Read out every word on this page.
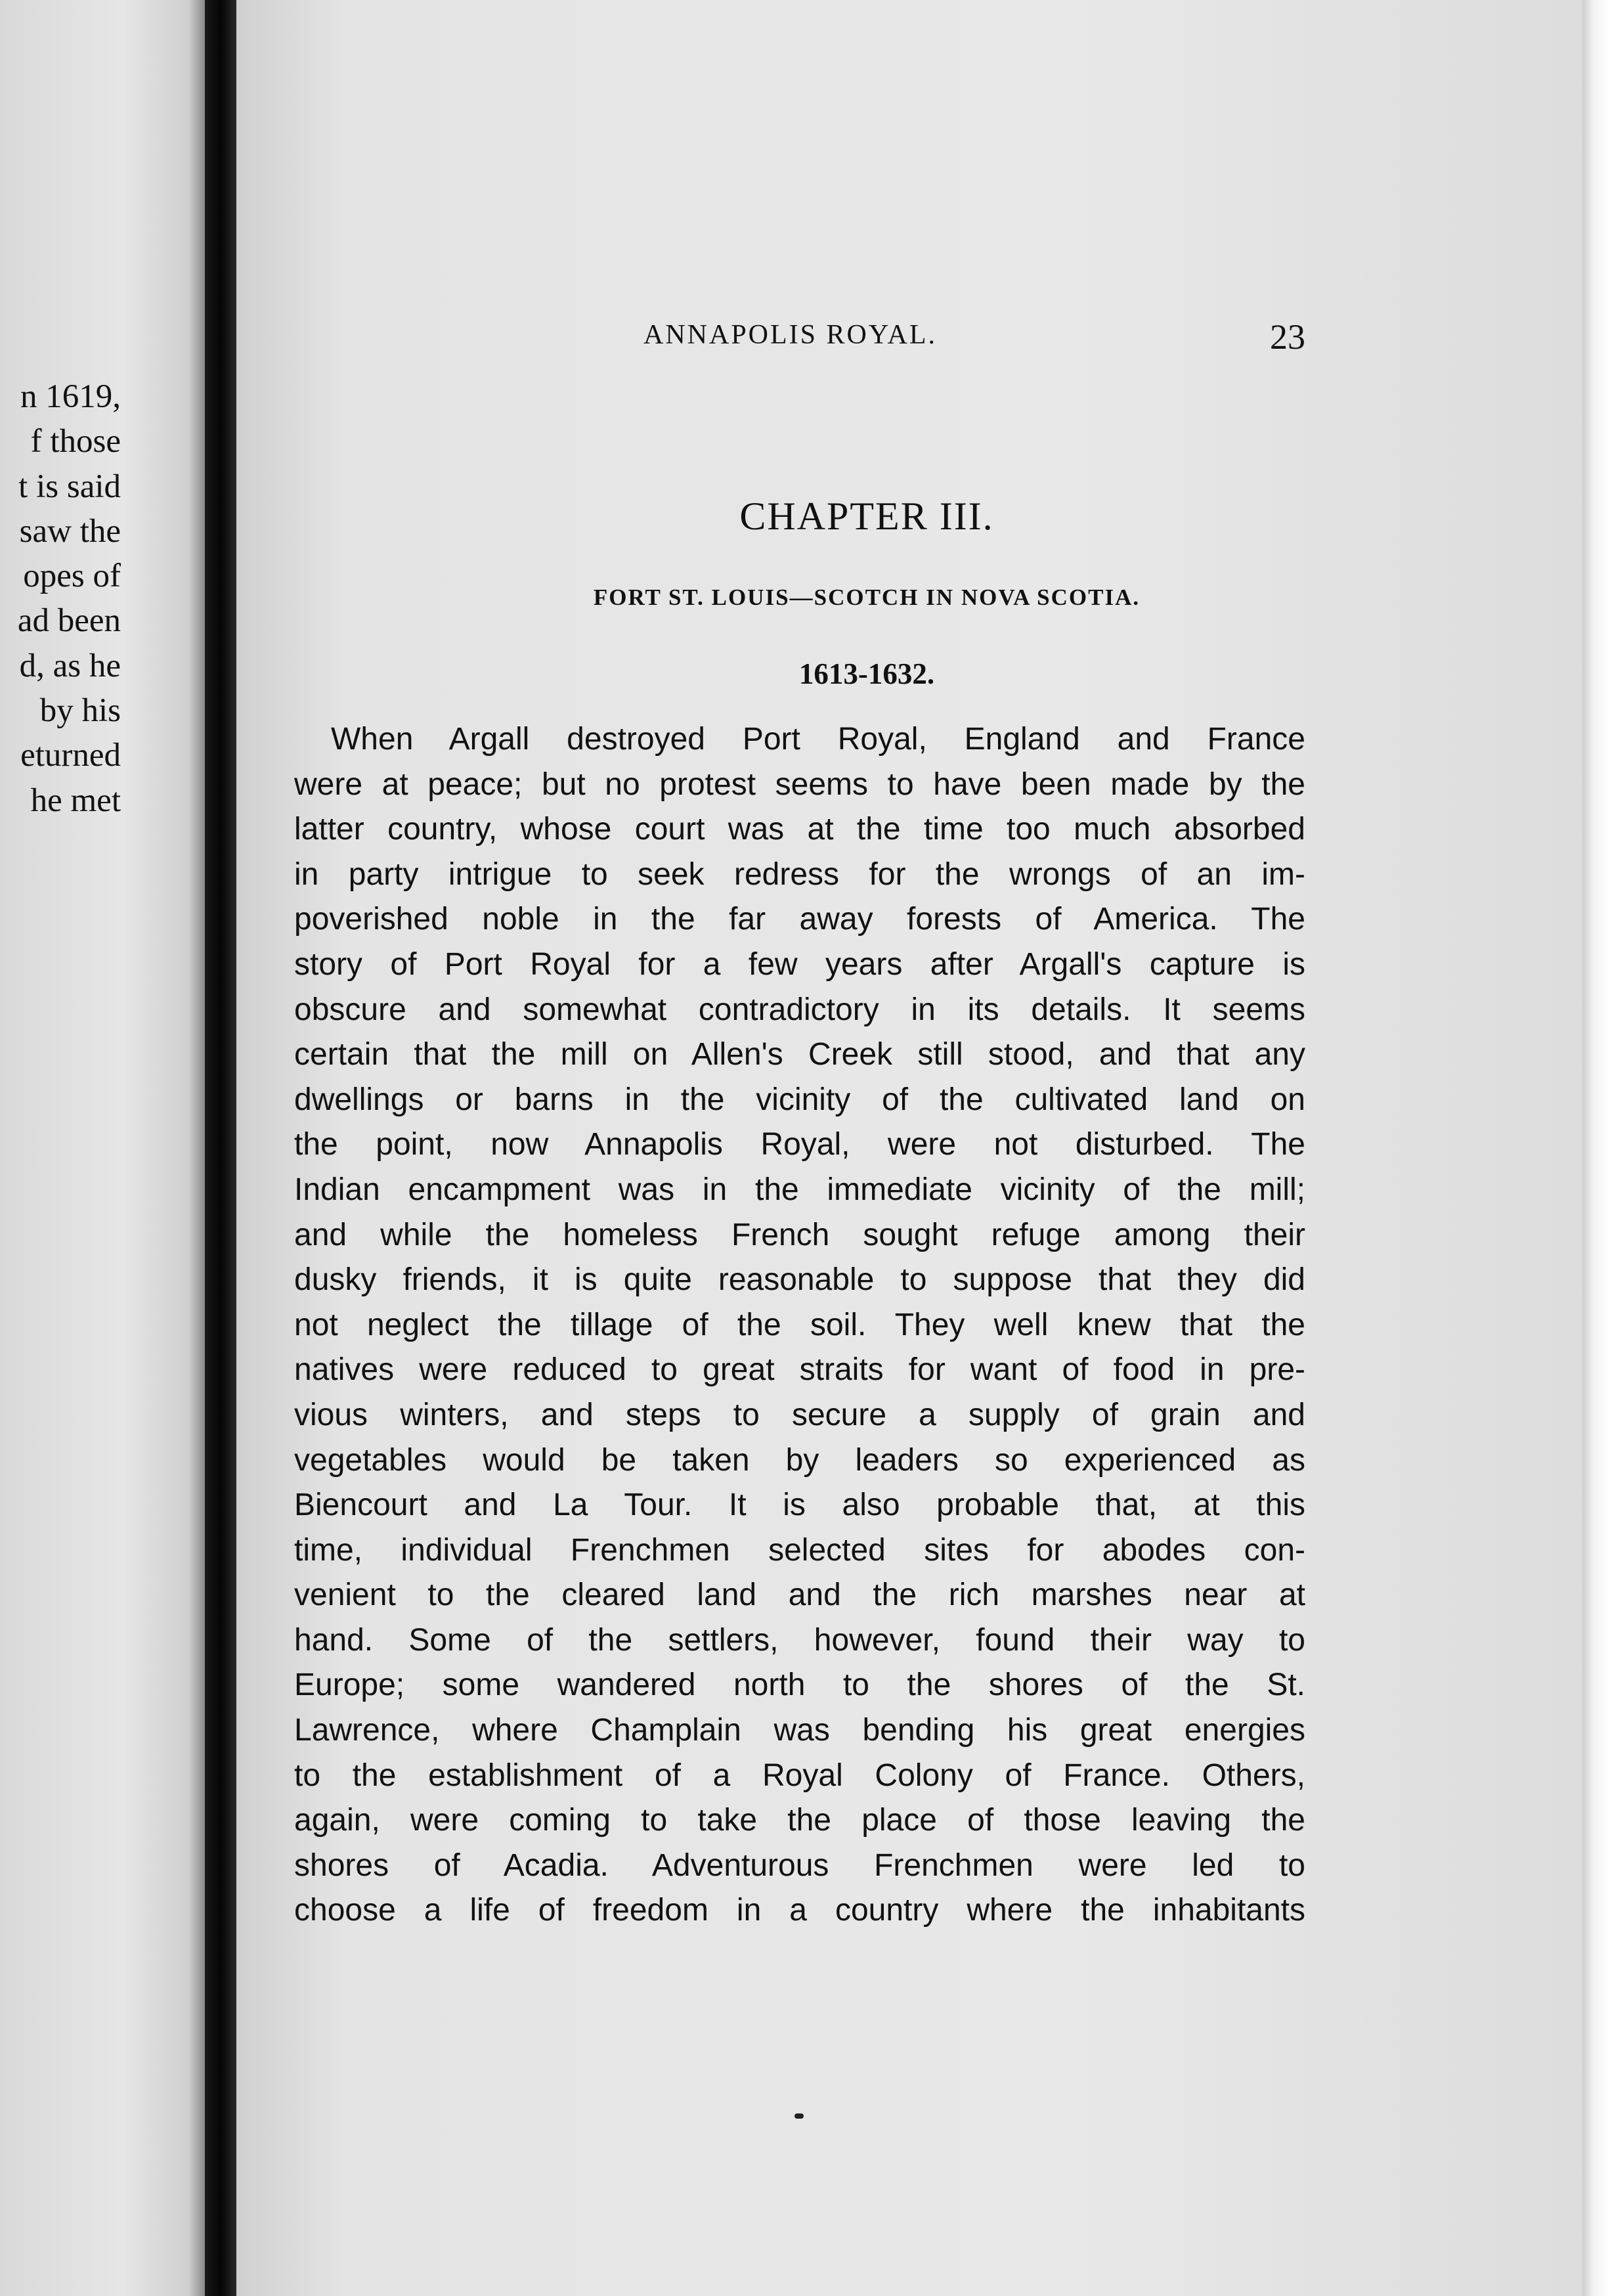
n 1619,
f those
t is said
saw the
opes of
ad been
d, as he
by his
eturned
he met
ANNAPOLIS ROYAL.	23
CHAPTER III.
FORT ST. LOUIS—SCOTCH IN NOVA SCOTIA.
1613-1632.
When Argall destroyed Port Royal, England and France
were at peace; but no protest seems to have been made by the
latter country, whose court was at the time too much absorbed
in party intrigue to seek redress for the wrongs of an im-
poverished noble in the far away forests of America. The
story of Port Royal for a few years after Argall's capture is
obscure and somewhat contradictory in its details. It seems
certain that the mill on Allen's Creek still stood, and that any
dwellings or barns in the vicinity of the cultivated land on
the point, now Annapolis Royal, were not disturbed. The
Indian encampment was in the immediate vicinity of the mill;
and while the homeless French sought refuge among their
dusky friends, it is quite reasonable to suppose that they did
not neglect the tillage of the soil. They well knew that the
natives were reduced to great straits for want of food in pre-
vious winters, and steps to secure a supply of grain and
vegetables would be taken by leaders so experienced as
Biencourt and La Tour. It is also probable that, at this
time, individual Frenchmen selected sites for abodes con-
venient to the cleared land and the rich marshes near at
hand. Some of the settlers, however, found their way to
Europe; some wandered north to the shores of the St.
Lawrence, where Champlain was bending his great energies
to the establishment of a Royal Colony of France. Others,
again, were coming to take the place of those leaving the
shores of Acadia. Adventurous Frenchmen were led to
choose a life of freedom in a country where the inhabitants
